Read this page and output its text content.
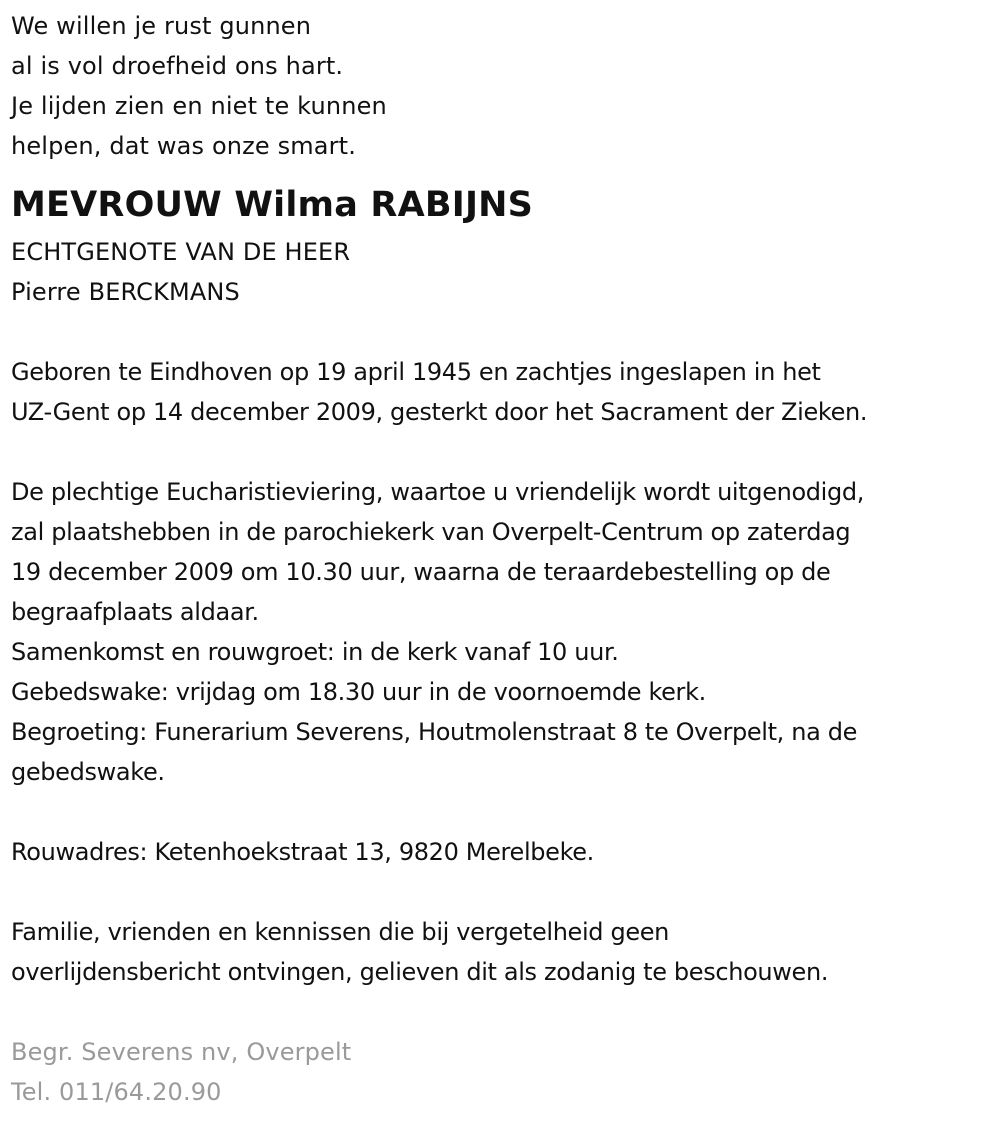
We willen je rust gunnen
al is vol droefheid ons hart.
Je lijden zien en niet te kunnen
helpen, dat was onze smart.
MEVROUW Wilma RABIJNS
ECHTGENOTE VAN DE HEER
Pierre BERCKMANS
Geboren te Eindhoven op 19 april 1945 en zachtjes ingeslapen in het
UZ-Gent op 14 december 2009, gesterkt door het Sacrament der Zieken.
De plechtige Eucharistieviering, waartoe u vriendelijk wordt uitgenodigd,
zal plaatshebben in de parochiekerk van Overpelt-Centrum op zaterdag
19 december 2009 om 10.30 uur, waarna de teraardebestelling op de
begraafplaats aldaar.
Samenkomst en rouwgroet: in de kerk vanaf 10 uur.
Gebedswake: vrijdag om 18.30 uur in de voornoemde kerk.
Begroeting: Funerarium Severens, Houtmolenstraat 8 te Overpelt, na de
gebedswake.
Rouwadres: Ketenhoekstraat 13, 9820 Merelbeke.
Familie, vrienden en kennissen die bij vergetelheid geen
overlijdensbericht ontvingen, gelieven dit als zodanig te beschouwen.
Begr. Severens nv, Overpelt
Tel. 011/64.20.90
